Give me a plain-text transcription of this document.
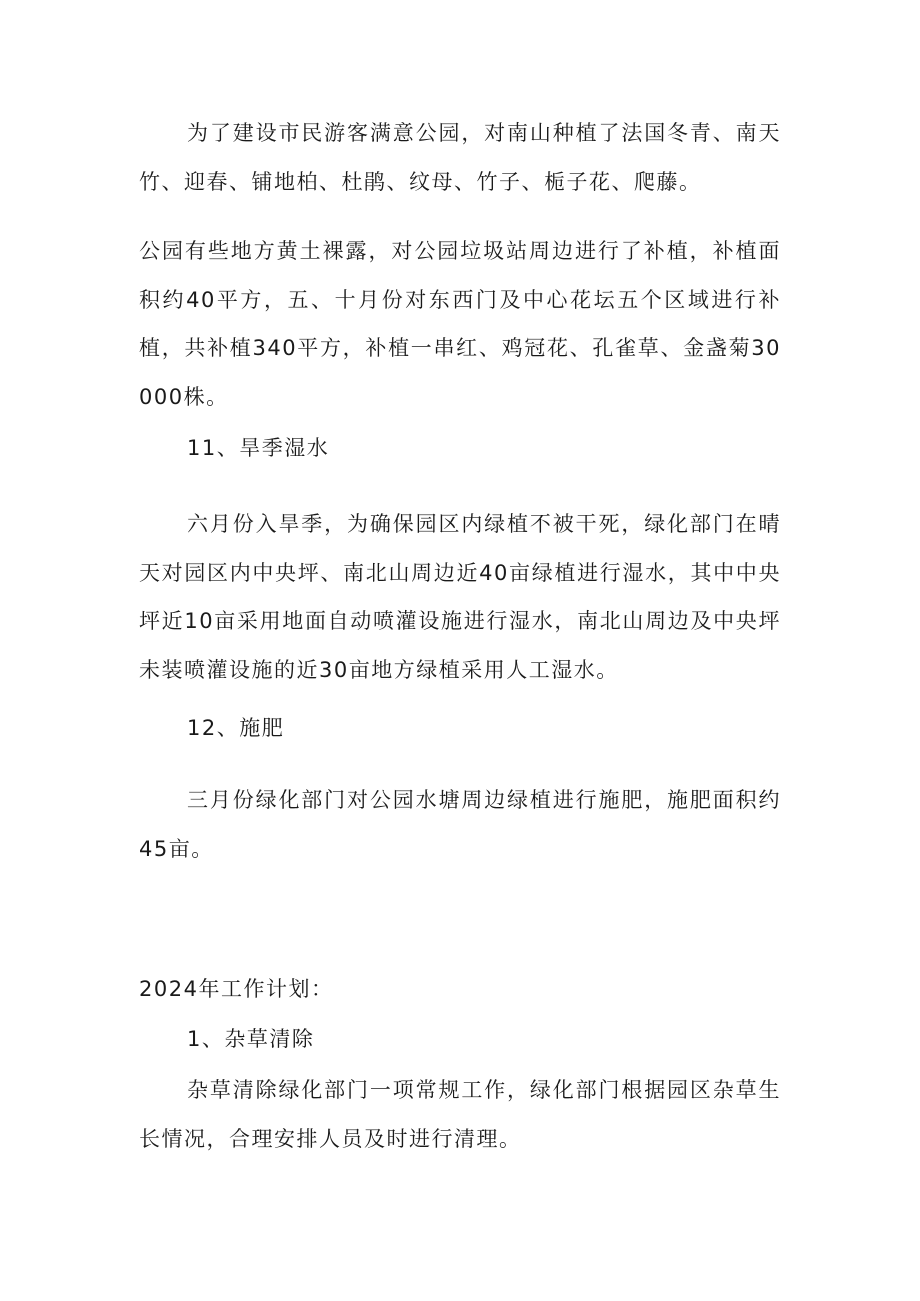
为了建设市民游客满意公园，对南山种植了法国冬青、南天竹、迎春、铺地柏、杜鹃、纹母、竹子、栀子花、爬藤。

公园有些地方黄土裸露，对公园垃圾站周边进行了补植，补植面积约40平方，五、十月份对东西门及中心花坛五个区域进行补植，共补植340平方，补植一串红、鸡冠花、孔雀草、金盏菊30000株。

11、旱季湿水

六月份入旱季，为确保园区内绿植不被干死，绿化部门在晴天对园区内中央坪、南北山周边近40亩绿植进行湿水，其中中央坪近10亩采用地面自动喷灌设施进行湿水，南北山周边及中央坪未装喷灌设施的近30亩地方绿植采用人工湿水。

12、施肥

三月份绿化部门对公园水塘周边绿植进行施肥，施肥面积约45亩。

2024年工作计划：

1、杂草清除

杂草清除绿化部门一项常规工作，绿化部门根据园区杂草生长情况，合理安排人员及时进行清理。
